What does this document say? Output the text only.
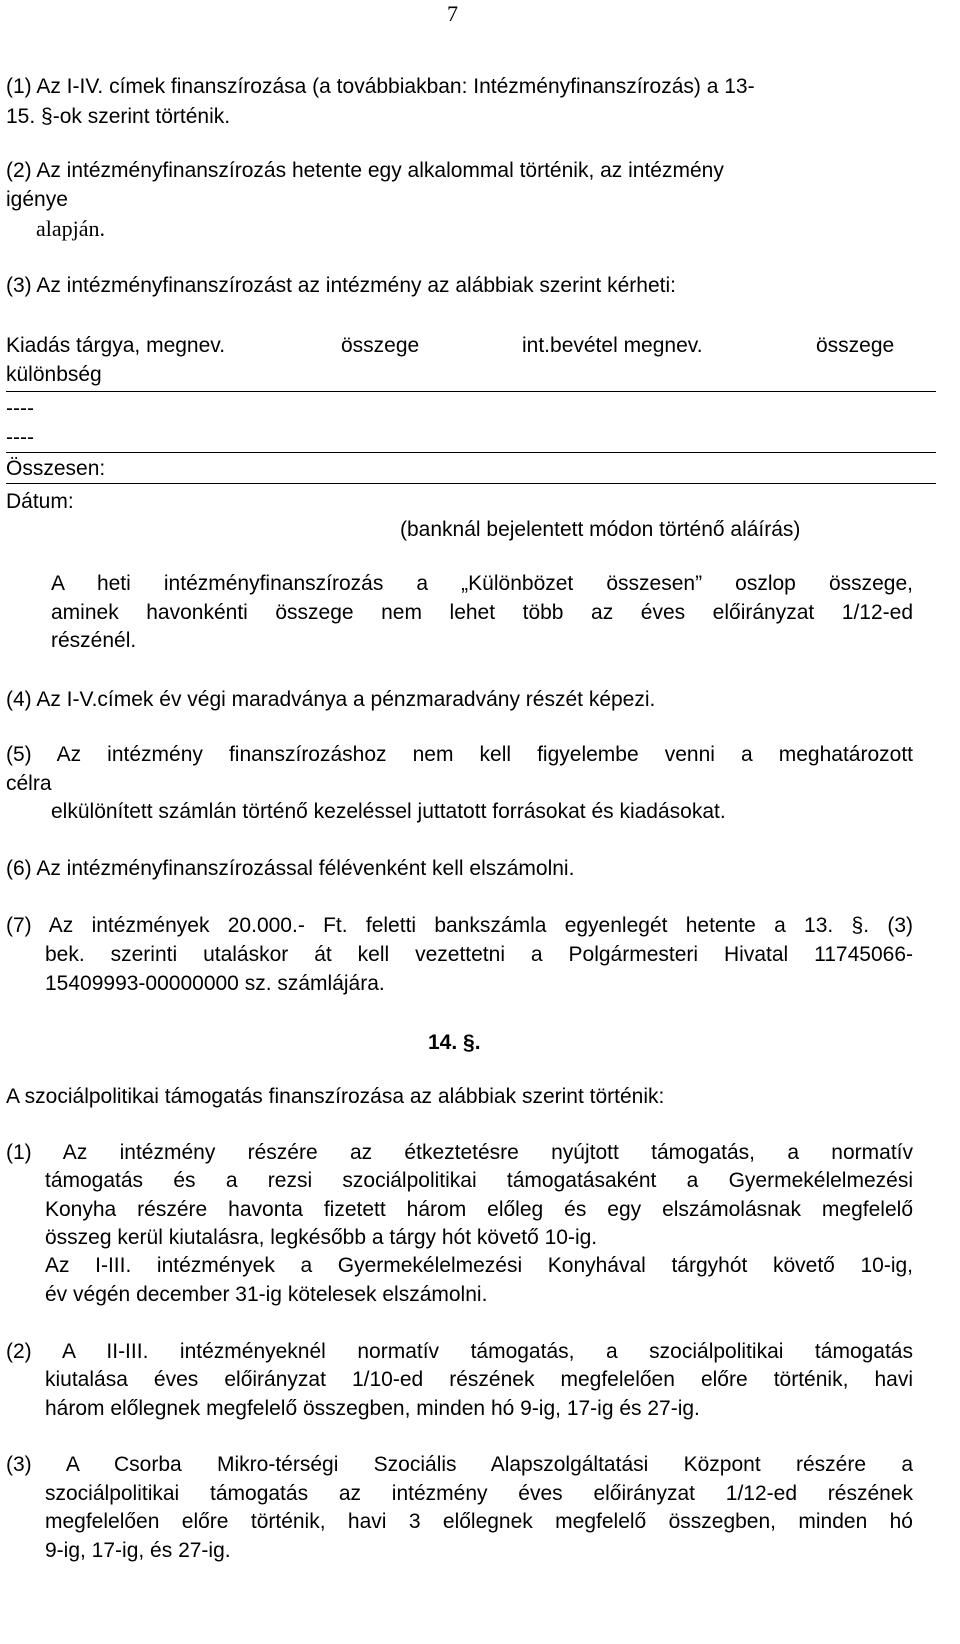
7
(1) Az I-IV. címek finanszírozása (a továbbiakban: Intézményfinanszírozás) a 13-
15. §-ok szerint történik.
(2) Az intézményfinanszírozás hetente egy alkalommal történik, az intézmény
igénye
alapján.
(3) Az intézményfinanszírozást az intézmény az alábbiak szerint kérheti:
Kiadás tárgya, megnev.	összege	int.bevétel megnev.	összege
különbség
----
----
Összesen:
Dátum:
(banknál bejelentett módon történő aláírás)
A heti intézményfinanszírozás a „Különbözet összesen” oszlop összege,
aminek havonkénti összege nem lehet több az éves előirányzat 1/12-ed
részénél.
(4) Az I-V.címek év végi maradványa a pénzmaradvány részét képezi.
(5) Az intézmény finanszírozáshoz nem kell figyelembe venni a meghatározott
célra
elkülönített számlán történő kezeléssel juttatott forrásokat és kiadásokat.
(6) Az intézményfinanszírozással félévenként kell elszámolni.
(7) Az intézmények 20.000.- Ft. feletti bankszámla egyenlegét hetente a 13. §. (3)
bek. szerinti utaláskor át kell vezettetni a Polgármesteri Hivatal 11745066-
15409993-00000000 sz. számlájára.
14. §.
A szociálpolitikai támogatás finanszírozása az alábbiak szerint történik:
(1) Az intézmény részére az étkeztetésre nyújtott támogatás, a normatív
támogatás és a rezsi szociálpolitikai támogatásaként a Gyermekélelmezési
Konyha részére havonta fizetett három előleg és egy elszámolásnak megfelelő
összeg kerül kiutalásra, legkésőbb a tárgy hót követő 10-ig.
Az I-III. intézmények a Gyermekélelmezési Konyhával tárgyhót követő 10-ig,
év végén december 31-ig kötelesek elszámolni.
(2) A II-III. intézményeknél normatív támogatás, a szociálpolitikai támogatás
kiutalása éves előirányzat 1/10-ed részének megfelelően előre történik, havi
három előlegnek megfelelő összegben, minden hó 9-ig, 17-ig és 27-ig.
(3) A Csorba Mikro-térségi Szociális Alapszolgáltatási Központ részére a
szociálpolitikai támogatás az intézmény éves előirányzat 1/12-ed részének
megfelelően előre történik, havi 3 előlegnek megfelelő összegben, minden hó
9-ig, 17-ig, és 27-ig.
